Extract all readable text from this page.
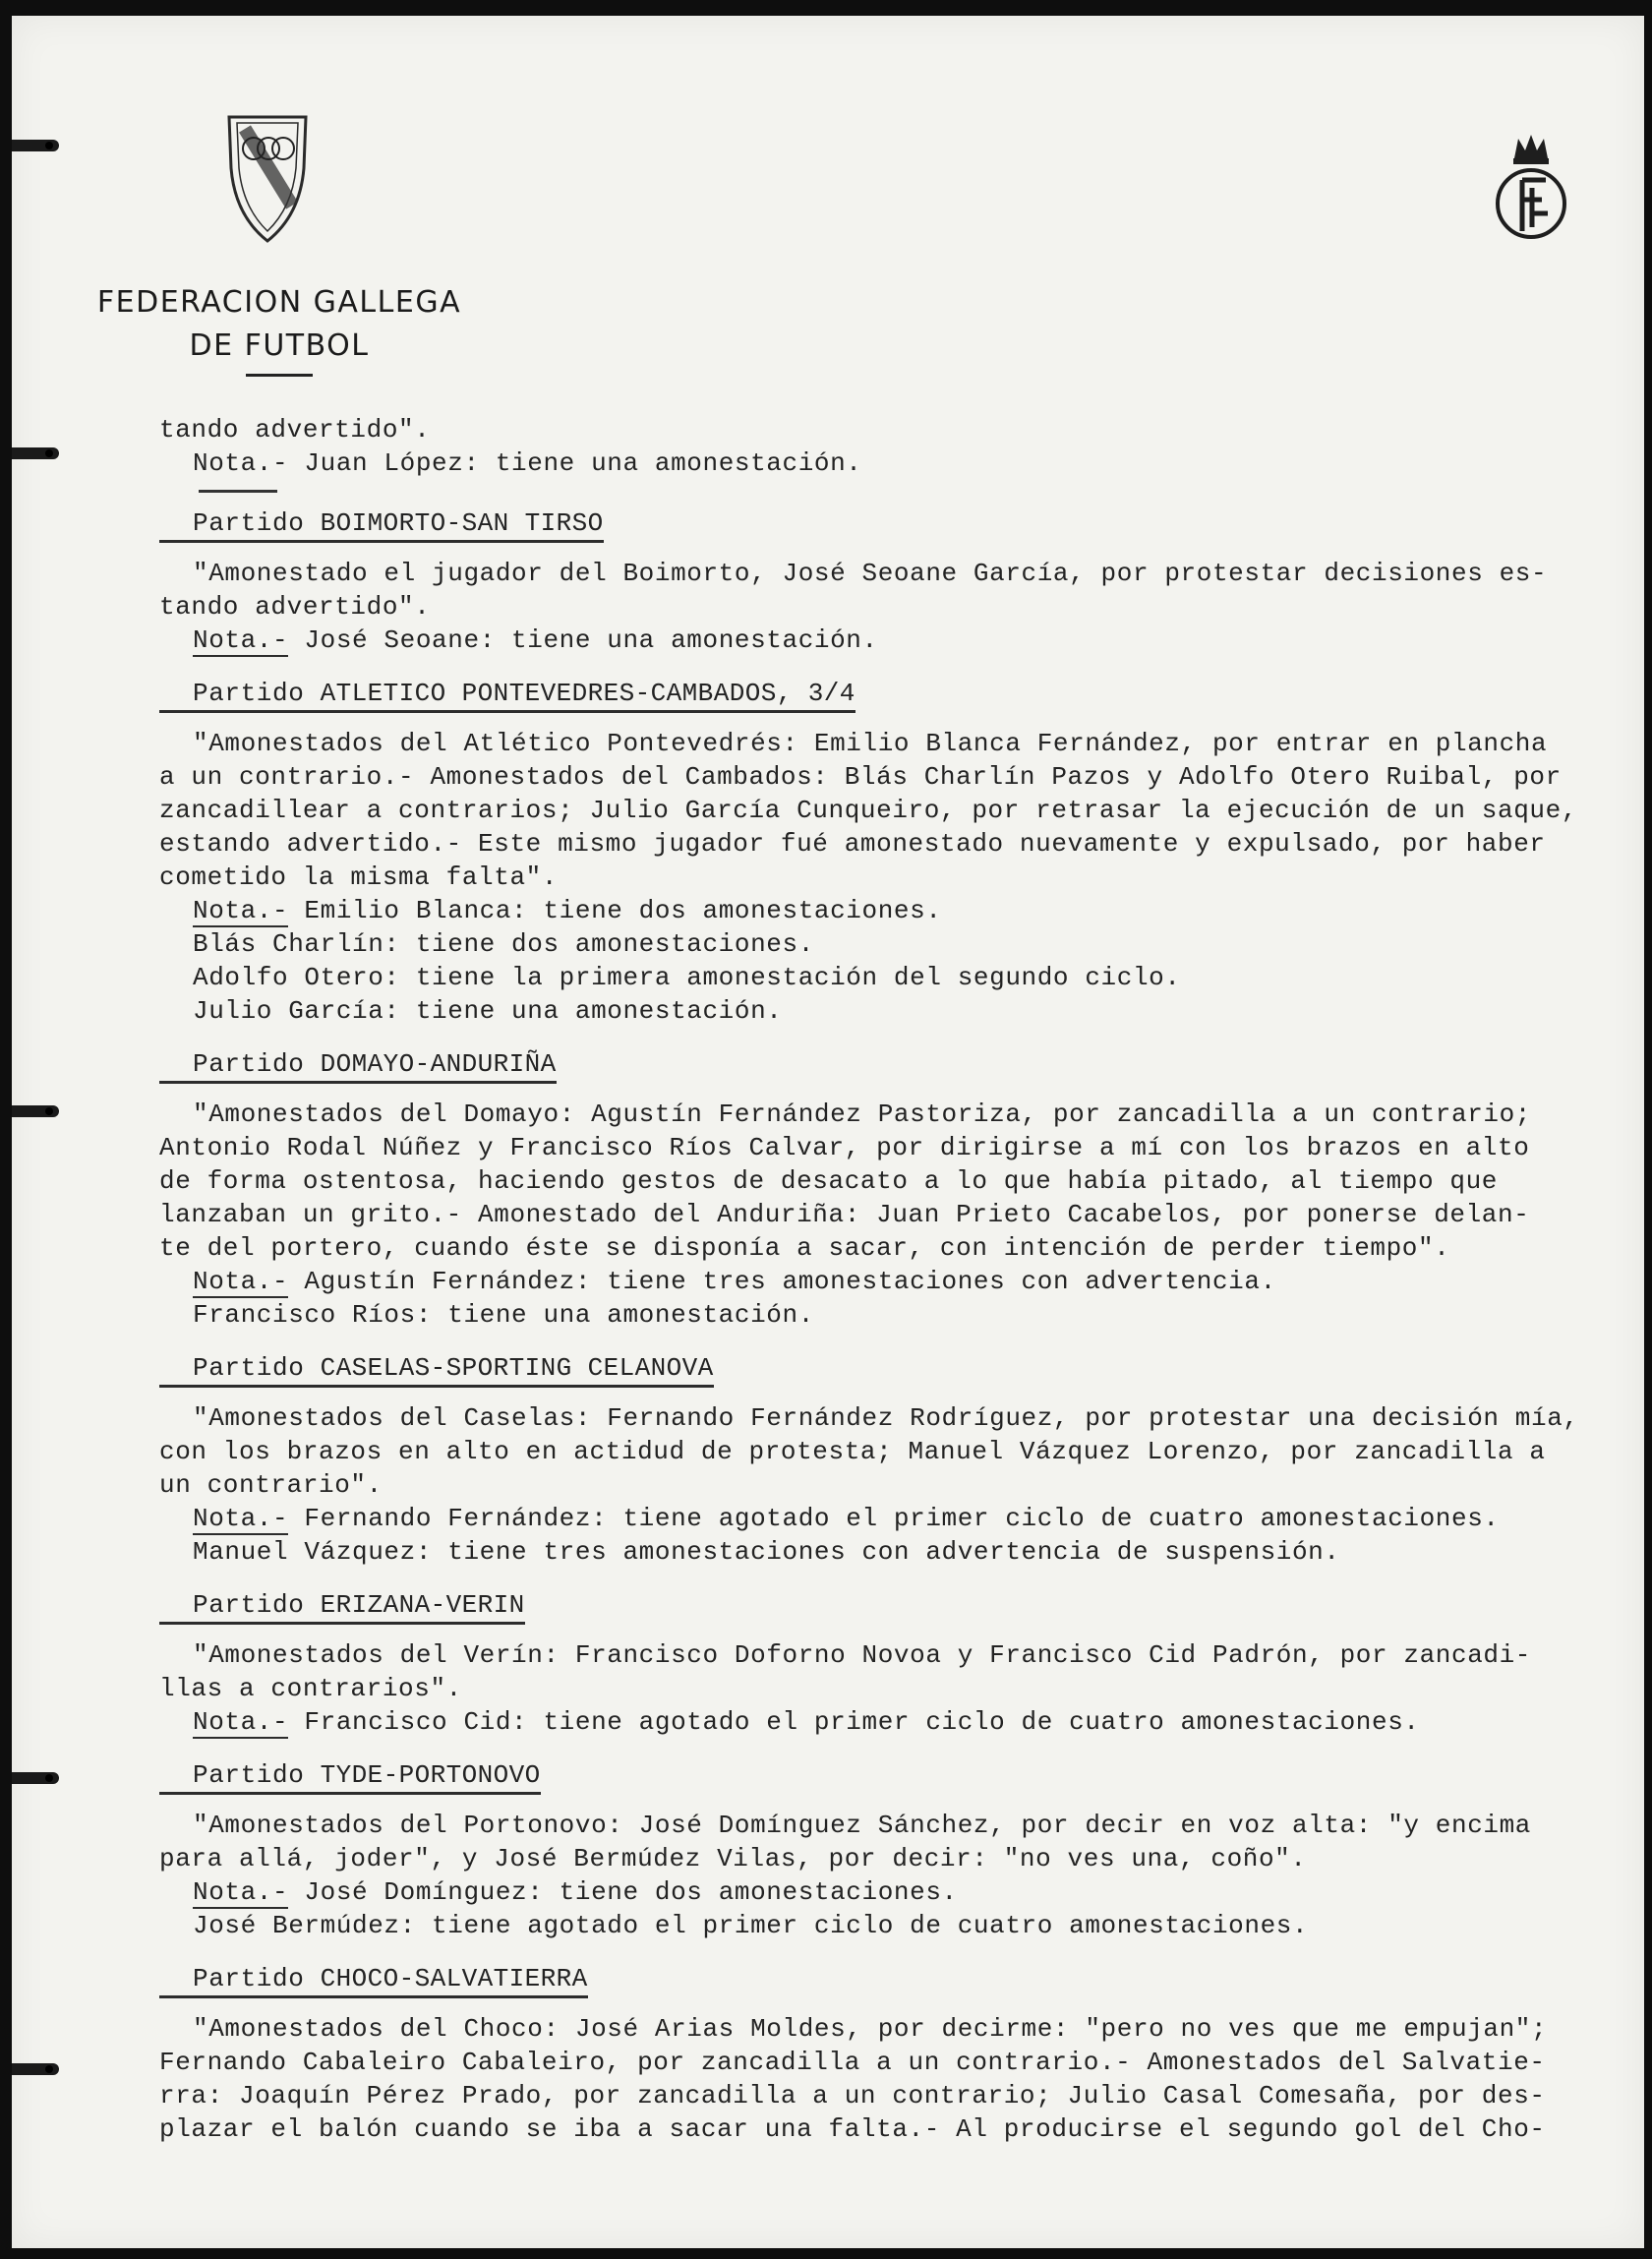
FEDERACION GALLEGA
DE FUTBOL
tando advertido".
Nota.- Juan López: tiene una amonestación.
Partido BOIMORTO-SAN TIRSO
"Amonestado el jugador del Boimorto, José Seoane García, por protestar decisiones es-
tando advertido".
Nota.- José Seoane: tiene una amonestación.
Partido ATLETICO PONTEVEDRES-CAMBADOS, 3/4
"Amonestados del Atlético Pontevedrés: Emilio Blanca Fernández, por entrar en plancha
a un contrario.- Amonestados del Cambados: Blás Charlín Pazos y Adolfo Otero Ruibal, por
zancadillear a contrarios; Julio García Cunqueiro, por retrasar la ejecución de un saque,
estando advertido.- Este mismo jugador fué amonestado nuevamente y expulsado, por haber
cometido la misma falta".
Nota.- Emilio Blanca: tiene dos amonestaciones.
Blás Charlín: tiene dos amonestaciones.
Adolfo Otero: tiene la primera amonestación del segundo ciclo.
Julio García: tiene una amonestación.
Partido DOMAYO-ANDURIÑA
"Amonestados del Domayo: Agustín Fernández Pastoriza, por zancadilla a un contrario;
Antonio Rodal Núñez y Francisco Ríos Calvar, por dirigirse a mí con los brazos en alto
de forma ostentosa, haciendo gestos de desacato a lo que había pitado, al tiempo que
lanzaban un grito.- Amonestado del Anduriña: Juan Prieto Cacabelos, por ponerse delan-
te del portero, cuando éste se disponía a sacar, con intención de perder tiempo".
Nota.- Agustín Fernández: tiene tres amonestaciones con advertencia.
Francisco Ríos: tiene una amonestación.
Partido CASELAS-SPORTING CELANOVA
"Amonestados del Caselas: Fernando Fernández Rodríguez, por protestar una decisión mía,
con los brazos en alto en actidud de protesta; Manuel Vázquez Lorenzo, por zancadilla a
un contrario".
Nota.- Fernando Fernández: tiene agotado el primer ciclo de cuatro amonestaciones.
Manuel Vázquez: tiene tres amonestaciones con advertencia de suspensión.
Partido ERIZANA-VERIN
"Amonestados del Verín: Francisco Doforno Novoa y Francisco Cid Padrón, por zancadi-
llas a contrarios".
Nota.- Francisco Cid: tiene agotado el primer ciclo de cuatro amonestaciones.
Partido TYDE-PORTONOVO
"Amonestados del Portonovo: José Domínguez Sánchez, por decir en voz alta: "y encima
para allá, joder", y José Bermúdez Vilas, por decir: "no ves una, coño".
Nota.- José Domínguez: tiene dos amonestaciones.
José Bermúdez: tiene agotado el primer ciclo de cuatro amonestaciones.
Partido CHOCO-SALVATIERRA
"Amonestados del Choco: José Arias Moldes, por decirme: "pero no ves que me empujan";
Fernando Cabaleiro Cabaleiro, por zancadilla a un contrario.- Amonestados del Salvatie-
rra: Joaquín Pérez Prado, por zancadilla a un contrario; Julio Casal Comesaña, por des-
plazar el balón cuando se iba a sacar una falta.- Al producirse el segundo gol del Cho-
